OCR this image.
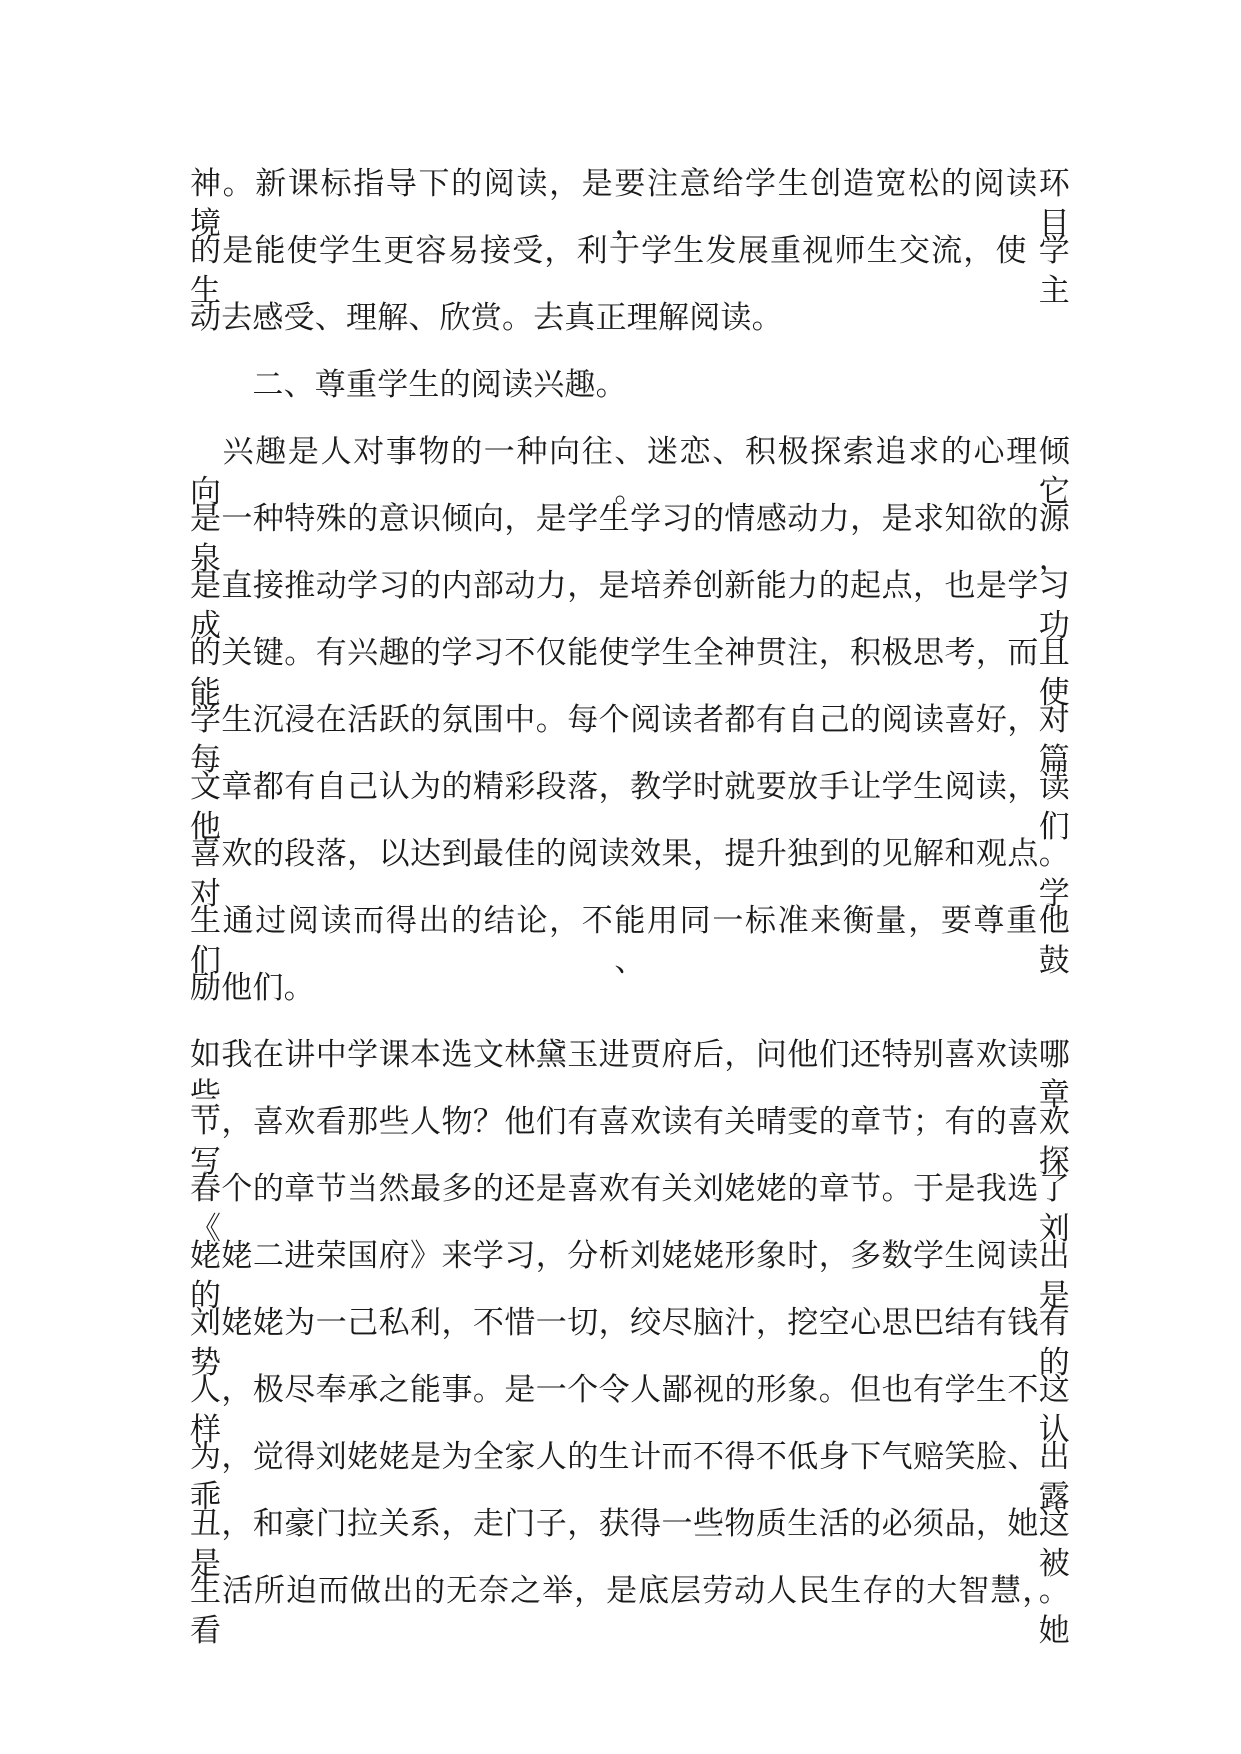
神。新课标指导下的阅读，是要注意给学生创造宽松的阅读环境，目
的是能使学生更容易接受，利于学生发展重视师生交流，使 学生主
动去感受、理解、欣赏。去真正理解阅读。
　　二、尊重学生的阅读兴趣。
　兴趣是人对事物的一种向往、迷恋、积极探索追求的心理倾向。它
是一种特殊的意识倾向，是学生学习的情感动力，是求知欲的源泉，
是直接推动学习的内部动力，是培养创新能力的起点，也是学习成功
的关键。有兴趣的学习不仅能使学生全神贯注，积极思考，而且能使
学生沉浸在活跃的氛围中。每个阅读者都有自己的阅读喜好，对每篇
文章都有自己认为的精彩段落，教学时就要放手让学生阅读，读他们
喜欢的段落，以达到最佳的阅读效果，提升独到的见解和观点。对学
生通过阅读而得出的结论，不能用同一标准来衡量，要尊重他们、鼓
励他们。
如我在讲中学课本选文林黛玉进贾府后，问他们还特别喜欢读哪些章
节，喜欢看那些人物？他们有喜欢读有关晴雯的章节；有的喜欢写探
春个的章节当然最多的还是喜欢有关刘姥姥的章节。于是我选了《刘
姥姥二进荣国府》来学习，分析刘姥姥形象时，多数学生阅读出的是
刘姥姥为一己私利，不惜一切，绞尽脑汁，挖空心思巴结有钱有势的
人，极尽奉承之能事。是一个令人鄙视的形象。但也有学生不这样认
为，觉得刘姥姥是为全家人的生计而不得不低身下气赔笑脸、出乖露
丑，和豪门拉关系，走门子，获得一些物质生活的必须品，她这是被
生活所迫而做出的无奈之举，是底层劳动人民生存的大智慧，。看她
